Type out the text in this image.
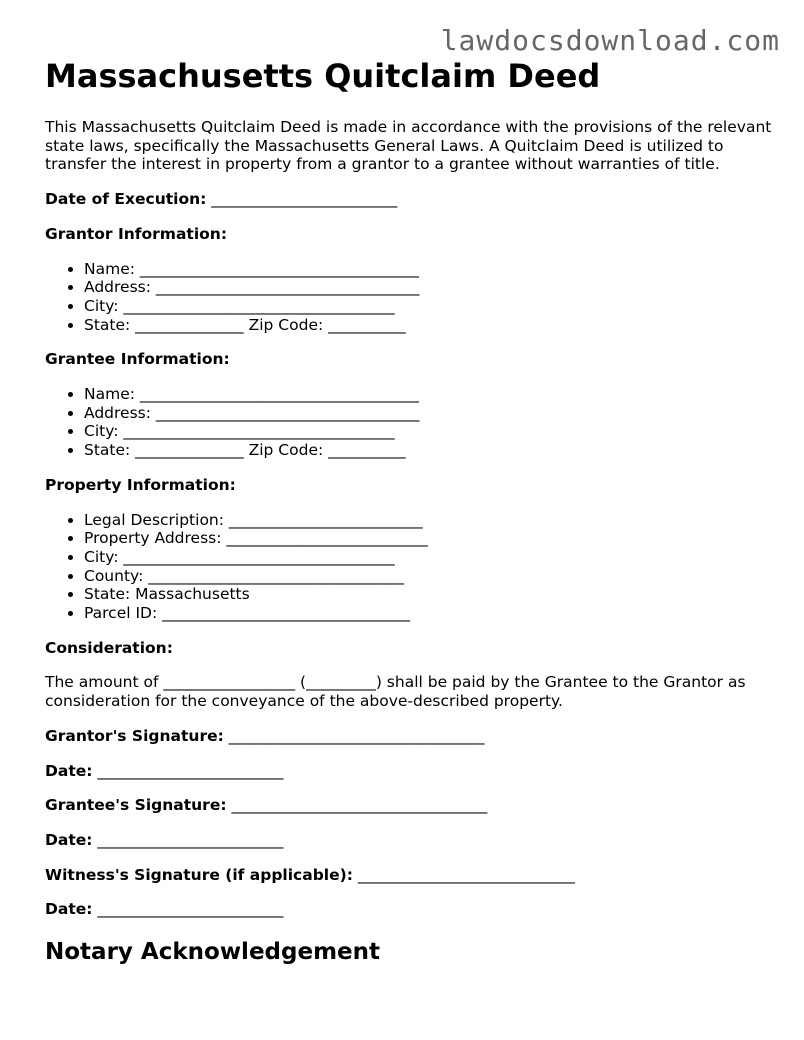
lawdocsdownload.com
Massachusetts Quitclaim Deed

This Massachusetts Quitclaim Deed is made in accordance with the provisions of the relevant state laws, specifically the Massachusetts General Laws. A Quitclaim Deed is utilized to transfer the interest in property from a grantor to a grantee without warranties of title.

Date of Execution: ________________________

Grantor Information:

• Name: ____________________________________
• Address: __________________________________
• City: ___________________________________
• State: ______________ Zip Code: __________

Grantee Information:

• Name: ____________________________________
• Address: __________________________________
• City: ___________________________________
• State: ______________ Zip Code: __________

Property Information:

• Legal Description: _________________________
• Property Address: __________________________
• City: ___________________________________
• County: _________________________________
• State: Massachusetts
• Parcel ID: ________________________________

Consideration:

The amount of _________________ (_________) shall be paid by the Grantee to the Grantor as consideration for the conveyance of the above-described property.

Grantor's Signature: _________________________________

Date: ________________________

Grantee's Signature: _________________________________

Date: ________________________

Witness's Signature (if applicable): ____________________________

Date: ________________________

Notary Acknowledgement
